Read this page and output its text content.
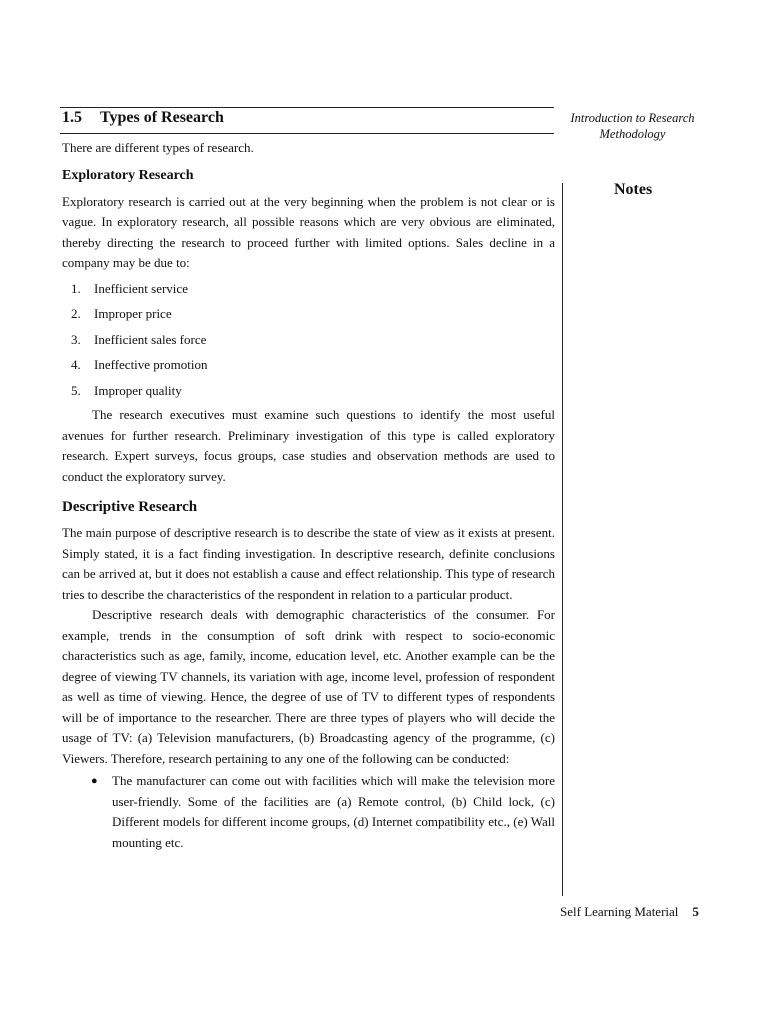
1.5 Types of Research	Introduction to Research Methodology
Notes

There are different types of research.

Exploratory Research

Exploratory research is carried out at the very beginning when the problem is not clear or is vague. In exploratory research, all possible reasons which are very obvious are eliminated, thereby directing the research to proceed further with limited options. Sales decline in a company may be due to:

1. Inefficient service
2. Improper price
3. Inefficient sales force
4. Ineffective promotion
5. Improper quality

The research executives must examine such questions to identify the most useful avenues for further research. Preliminary investigation of this type is called exploratory research. Expert surveys, focus groups, case studies and observation methods are used to conduct the exploratory survey.

Descriptive Research

The main purpose of descriptive research is to describe the state of view as it exists at present. Simply stated, it is a fact finding investigation. In descriptive research, definite conclusions can be arrived at, but it does not establish a cause and effect relationship. This type of research tries to describe the characteristics of the respondent in relation to a particular product.

Descriptive research deals with demographic characteristics of the consumer. For example, trends in the consumption of soft drink with respect to socio-economic characteristics such as age, family, income, education level, etc. Another example can be the degree of viewing TV channels, its variation with age, income level, profession of respondent as well as time of viewing. Hence, the degree of use of TV to different types of respondents will be of importance to the researcher. There are three types of players who will decide the usage of TV: (a) Television manufacturers, (b) Broadcasting agency of the programme, (c) Viewers. Therefore, research pertaining to any one of the following can be conducted:

● The manufacturer can come out with facilities which will make the television more user-friendly. Some of the facilities are (a) Remote control, (b) Child lock, (c) Different models for different income groups, (d) Internet compatibility etc., (e) Wall mounting etc.
Self Learning Material 5
